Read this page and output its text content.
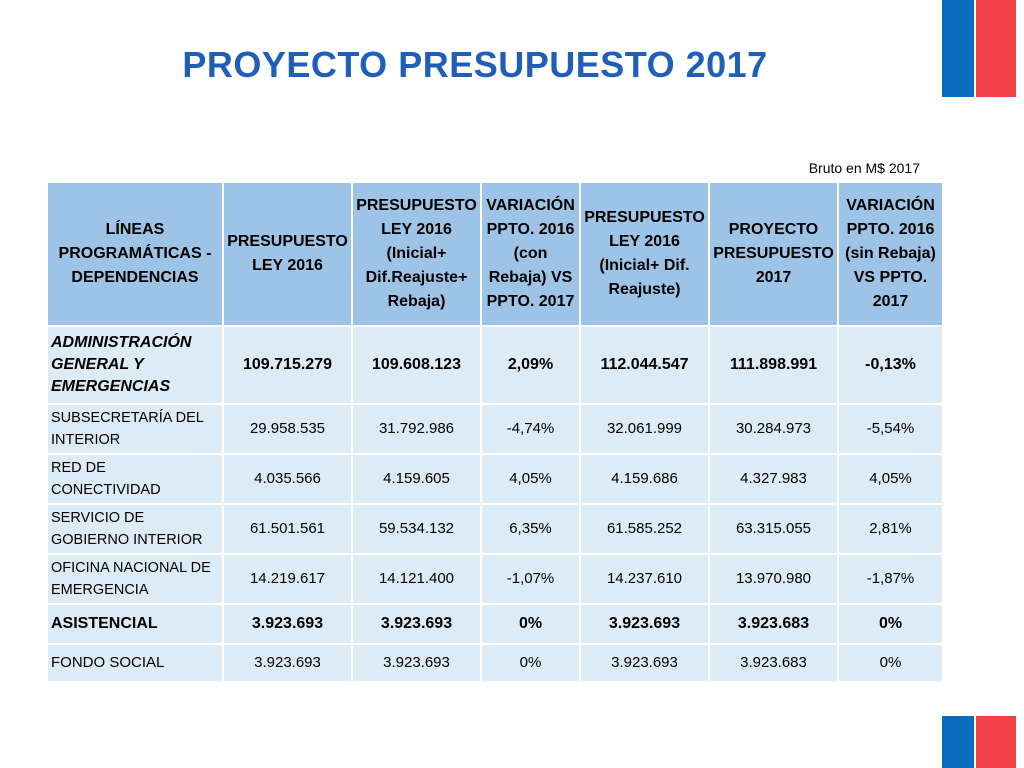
PROYECTO PRESUPUESTO 2017
Bruto en M$ 2017
LÍNEAS PROGRAMÁTICAS - DEPENDENCIAS	PRESUPUESTO LEY 2016	PRESUPUESTO LEY 2016 (Inicial+ Dif.Reajuste+ Rebaja)	VARIACIÓN PPTO. 2016 (con Rebaja) VS PPTO. 2017	PRESUPUESTO LEY 2016 (Inicial+ Dif. Reajuste)	PROYECTO PRESUPUESTO 2017	VARIACIÓN PPTO. 2016 (sin Rebaja) VS PPTO. 2017
ADMINISTRACIÓN GENERAL Y EMERGENCIAS	109.715.279	109.608.123	2,09%	112.044.547	111.898.991	-0,13%
SUBSECRETARÍA DEL INTERIOR	29.958.535	31.792.986	-4,74%	32.061.999	30.284.973	-5,54%
RED DE CONECTIVIDAD	4.035.566	4.159.605	4,05%	4.159.686	4.327.983	4,05%
SERVICIO DE GOBIERNO INTERIOR	61.501.561	59.534.132	6,35%	61.585.252	63.315.055	2,81%
OFICINA NACIONAL DE EMERGENCIA	14.219.617	14.121.400	-1,07%	14.237.610	13.970.980	-1,87%
ASISTENCIAL	3.923.693	3.923.693	0%	3.923.693	3.923.683	0%
FONDO SOCIAL	3.923.693	3.923.693	0%	3.923.693	3.923.683	0%
